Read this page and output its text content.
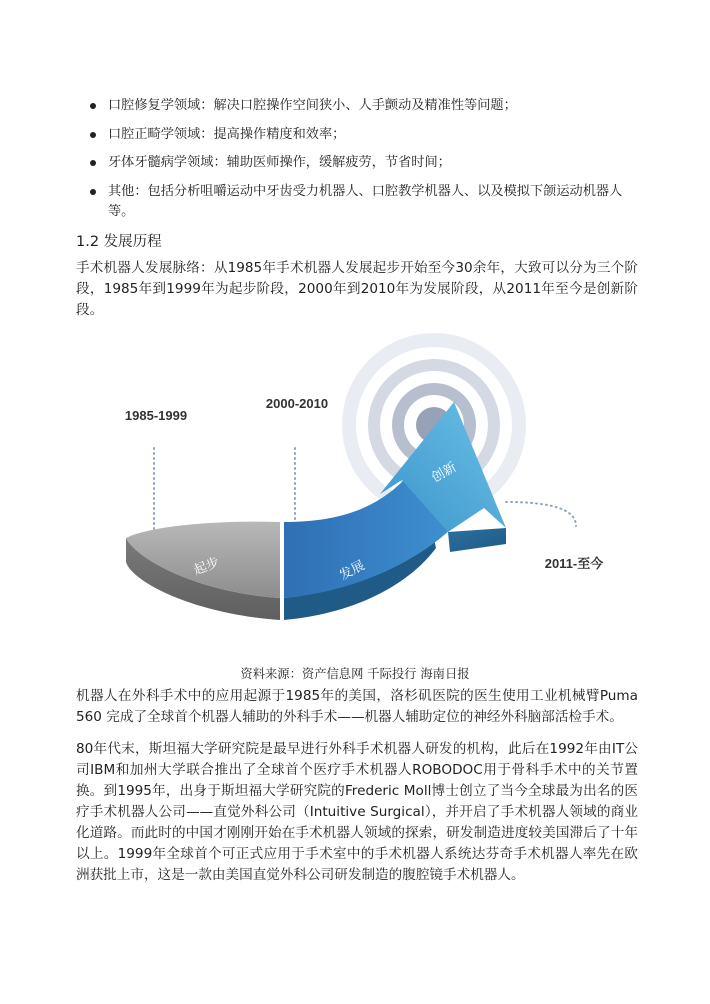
口腔修复学领域：解决口腔操作空间狭小、人手颤动及精准性等问题；
口腔正畸学领域：提高操作精度和效率；
牙体牙髓病学领域：辅助医师操作，缓解疲劳，节省时间；
其他：包括分析咀嚼运动中牙齿受力机器人、口腔教学机器人、以及模拟下颌运动机器人等。
1.2 发展历程
手术机器人发展脉络：从1985年手术机器人发展起步开始至今30余年，大致可以分为三个阶段，1985年到1999年为起步阶段，2000年到2010年为发展阶段，从2011年至今是创新阶段。
1985-1999
2000-2010
2011-至今
起步	发展
创新
资料来源：资产信息网 千际投行 海南日报
机器人在外科手术中的应用起源于1985年的美国，洛杉矶医院的医生使用工业机械臂Puma 560 完成了全球首个机器人辅助的外科手术——机器人辅助定位的神经外科脑部活检手术。
80年代末，斯坦福大学研究院是最早进行外科手术机器人研发的机构，此后在1992年由IT公司IBM和加州大学联合推出了全球首个医疗手术机器人ROBODOC用于骨科手术中的关节置换。到1995年，出身于斯坦福大学研究院的Frederic Moll博士创立了当今全球最为出名的医疗手术机器人公司——直觉外科公司（Intuitive Surgical），并开启了手术机器人领域的商业化道路。而此时的中国才刚刚开始在手术机器人领域的探索，研发制造进度较美国滞后了十年以上。1999年全球首个可正式应用于手术室中的手术机器人系统达芬奇手术机器人率先在欧洲获批上市，这是一款由美国直觉外科公司研发制造的腹腔镜手术机器人。
